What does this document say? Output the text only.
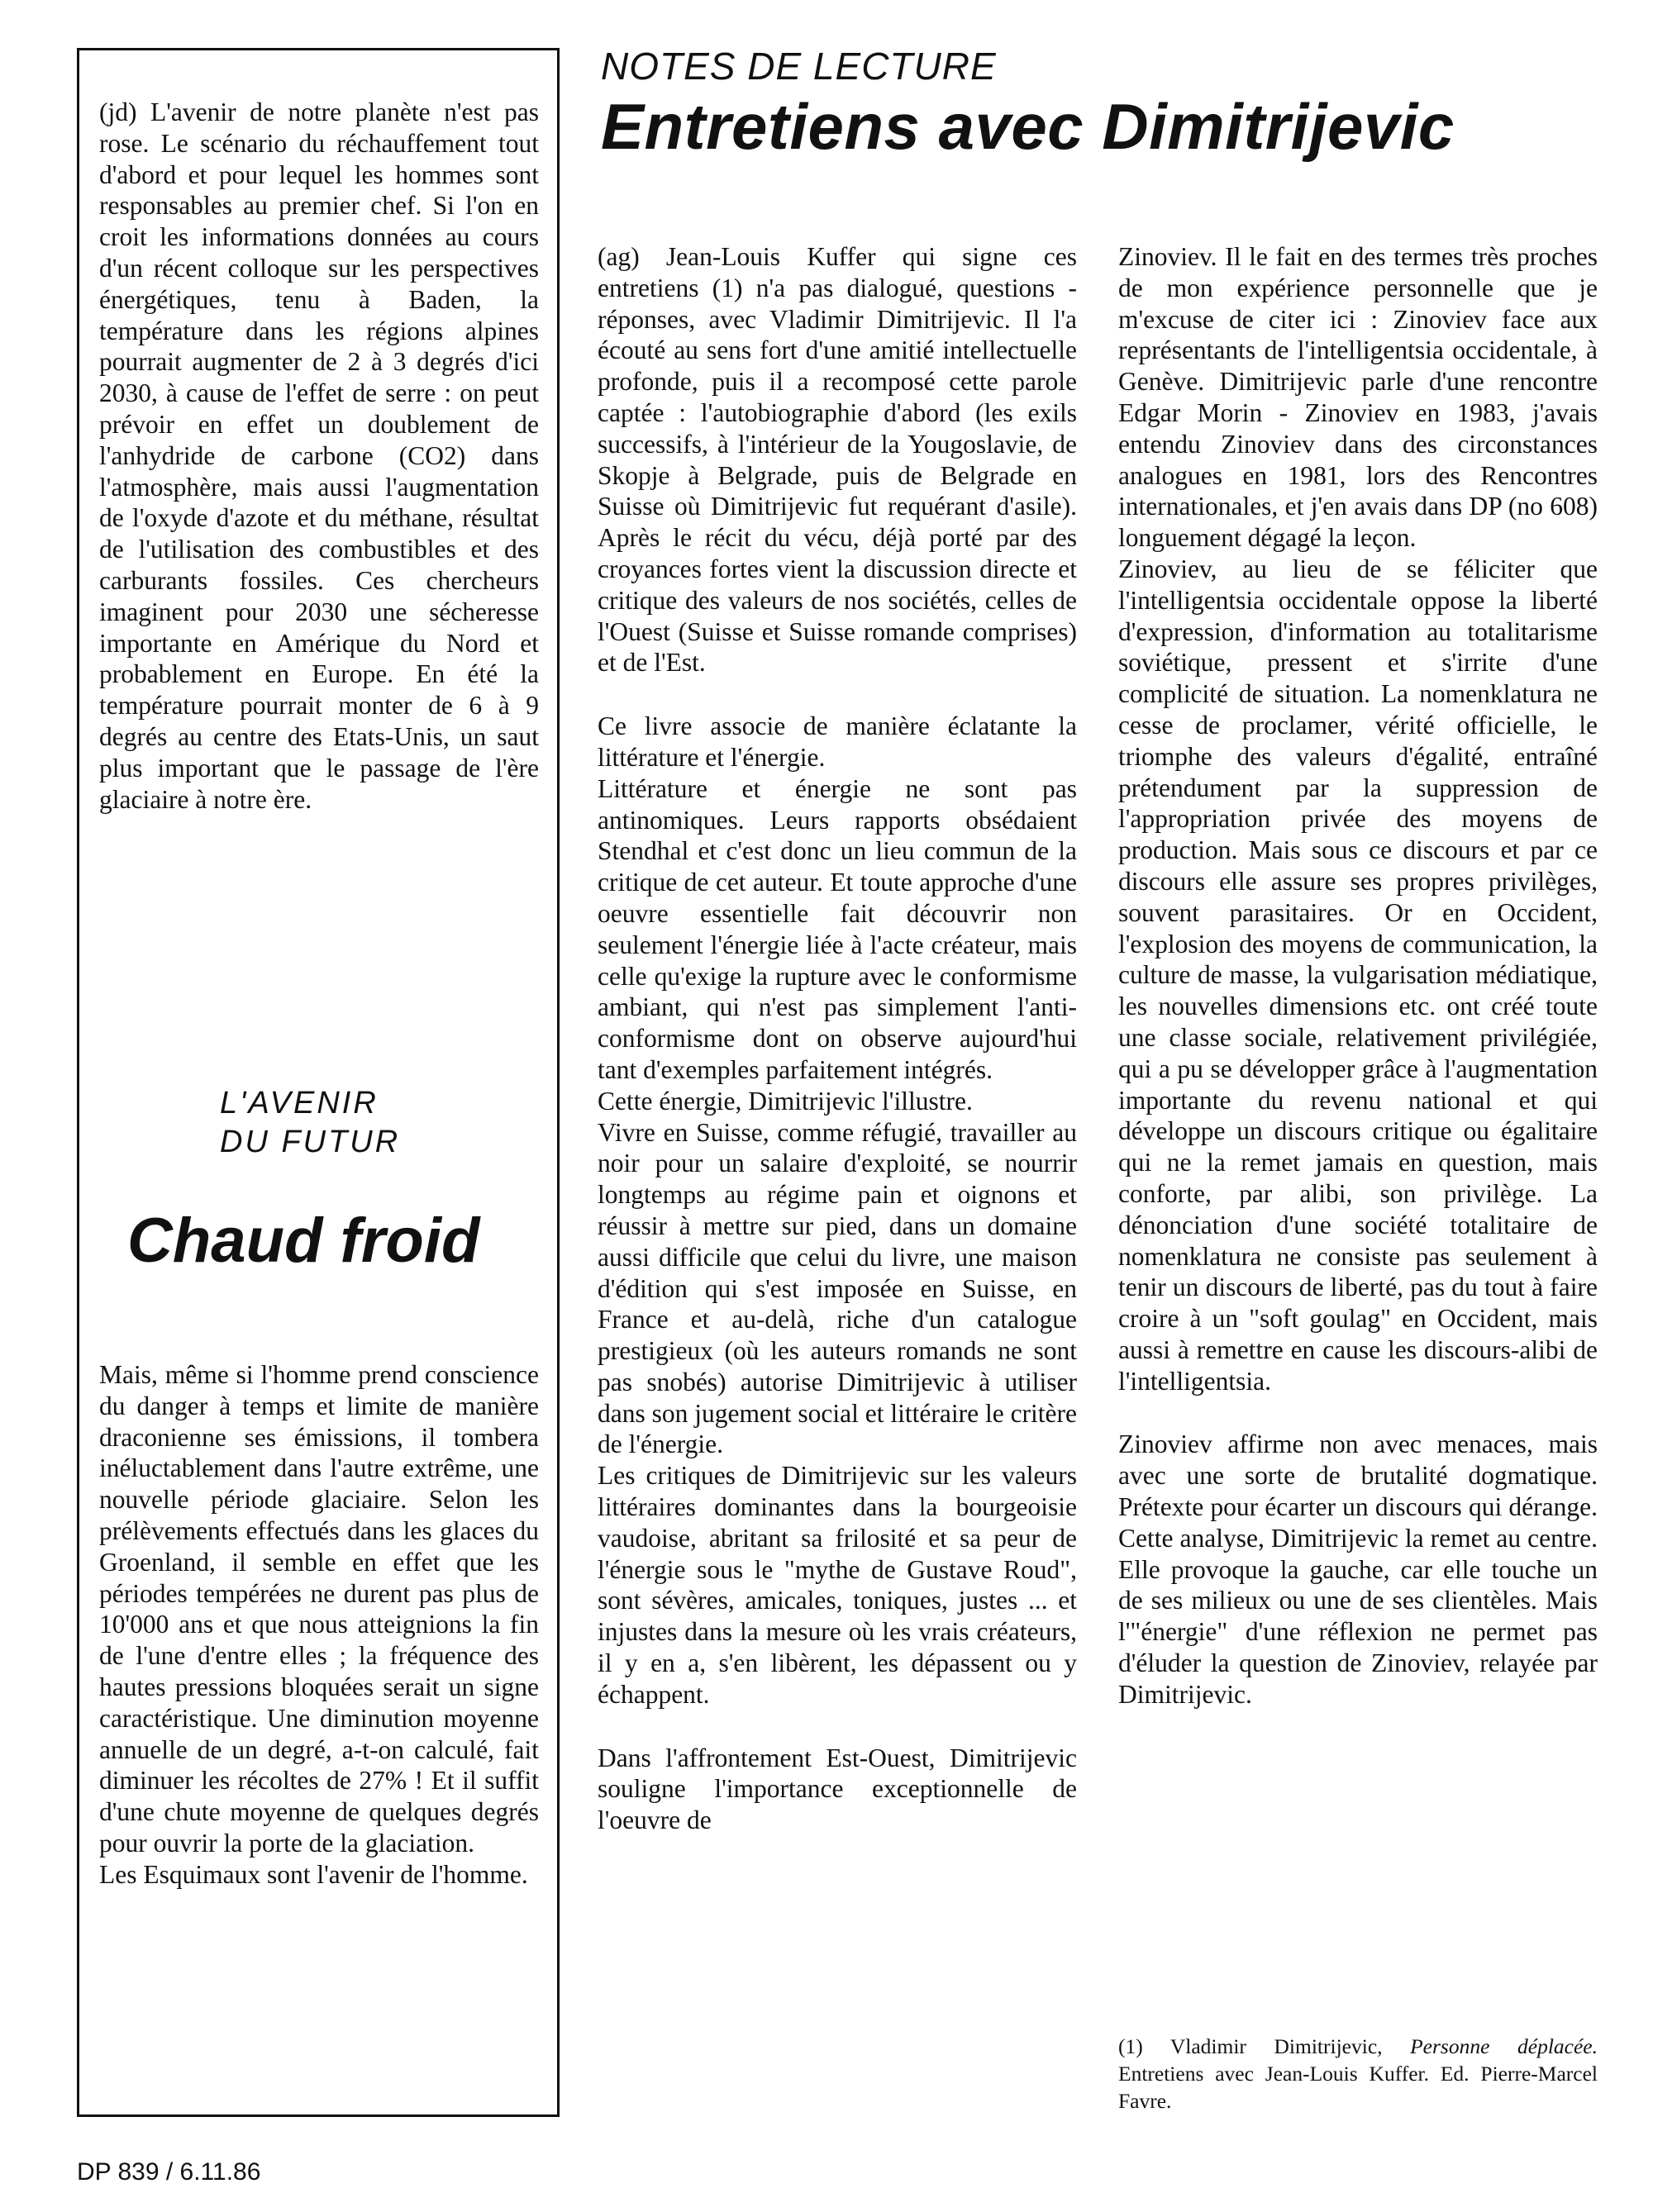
(jd) L'avenir de notre planète n'est pas rose. Le scénario du réchauffement tout d'abord et pour lequel les hommes sont responsables au premier chef. Si l'on en croit les informations données au cours d'un récent colloque sur les perspectives énergétiques, tenu à Baden, la température dans les régions alpines pourrait augmenter de 2 à 3 degrés d'ici 2030, à cause de l'effet de serre : on peut prévoir en effet un doublement de l'anhydride de carbone (CO2) dans l'atmosphère, mais aussi l'augmentation de l'oxyde d'azote et du méthane, résultat de l'utilisation des combustibles et des carburants fossiles. Ces chercheurs imaginent pour 2030 une sécheresse importante en Amérique du Nord et probablement en Europe. En été la température pourrait monter de 6 à 9 degrés au centre des Etats-Unis, un saut plus important que le passage de l'ère glaciaire à notre ère.
L'AVENIR
DU FUTUR
Chaud froid
Mais, même si l'homme prend conscience du danger à temps et limite de manière draconienne ses émissions, il tombera inéluctablement dans l'autre extrême, une nouvelle période glaciaire. Selon les prélèvements effectués dans les glaces du Groenland, il semble en effet que les périodes tempérées ne durent pas plus de 10'000 ans et que nous atteignions la fin de l'une d'entre elles ; la fréquence des hautes pressions bloquées serait un signe caractéristique. Une diminution moyenne annuelle de un degré, a-t-on calculé, fait diminuer les récoltes de 27% ! Et il suffit d'une chute moyenne de quelques degrés pour ouvrir la porte de la glaciation.
Les Esquimaux sont l'avenir de l'homme.
NOTES DE LECTURE
Entretiens avec Dimitrijevic

(ag) Jean-Louis Kuffer qui signe ces entretiens (1) n'a pas dialogué, questions - réponses, avec Vladimir Dimitrijevic. Il l'a écouté au sens fort d'une amitié intellectuelle profonde, puis il a recomposé cette parole captée : l'autobiographie d'abord (les exils successifs, à l'intérieur de la Yougoslavie, de Skopje à Belgrade, puis de Belgrade en Suisse où Dimitrijevic fut requérant d'asile). Après le récit du vécu, déjà porté par des croyances fortes vient la discussion directe et critique des valeurs de nos sociétés, celles de l'Ouest (Suisse et Suisse romande comprises) et de l'Est.

Ce livre associe de manière éclatante la littérature et l'énergie.

Littérature et énergie ne sont pas antinomiques. Leurs rapports obsédaient Stendhal et c'est donc un lieu commun de la critique de cet auteur. Et toute approche d'une oeuvre essentielle fait découvrir non seulement l'énergie liée à l'acte créateur, mais celle qu'exige la rupture avec le conformisme ambiant, qui n'est pas simplement l'anti-conformisme dont on observe aujourd'hui tant d'exemples parfaitement intégrés.

Cette énergie, Dimitrijevic l'illustre.

Vivre en Suisse, comme réfugié, travailler au noir pour un salaire d'exploité, se nourrir longtemps au régime pain et oignons et réussir à mettre sur pied, dans un domaine aussi difficile que celui du livre, une maison d'édition qui s'est imposée en Suisse, en France et au-delà, riche d'un catalogue prestigieux (où les auteurs romands ne sont pas snobés) autorise Dimitrijevic à utiliser dans son jugement social et littéraire le critère de l'énergie.

Les critiques de Dimitrijevic sur les valeurs littéraires dominantes dans la bourgeoisie vaudoise, abritant sa frilosité et sa peur de l'énergie sous le "mythe de Gustave Roud", sont sévères, amicales, toniques, justes ... et injustes dans la mesure où les vrais créateurs, il y en a, s'en libèrent, les dépassent ou y échappent.

Dans l'affrontement Est-Ouest, Dimitrijevic souligne l'importance exceptionnelle de l'oeuvre de

Zinoviev. Il le fait en des termes très proches de mon expérience personnelle que je m'excuse de citer ici : Zinoviev face aux représentants de l'intelligentsia occidentale, à Genève. Dimitrijevic parle d'une rencontre Edgar Morin - Zinoviev en 1983, j'avais entendu Zinoviev dans des circonstances analogues en 1981, lors des Rencontres internationales, et j'en avais dans DP (no 608) longuement dégagé la leçon.

Zinoviev, au lieu de se féliciter que l'intelligentsia occidentale oppose la liberté d'expression, d'information au totalitarisme soviétique, pressent et s'irrite d'une complicité de situation. La nomenklatura ne cesse de proclamer, vérité officielle, le triomphe des valeurs d'égalité, entraîné prétendument par la suppression de l'appropriation privée des moyens de production. Mais sous ce discours et par ce discours elle assure ses propres privilèges, souvent parasitaires. Or en Occident, l'explosion des moyens de communication, la culture de masse, la vulgarisation médiatique, les nouvelles dimensions etc. ont créé toute une classe sociale, relativement privilégiée, qui a pu se développer grâce à l'augmentation importante du revenu national et qui développe un discours critique ou égalitaire qui ne la remet jamais en question, mais conforte, par alibi, son privilège. La dénonciation d'une société totalitaire de nomenklatura ne consiste pas seulement à tenir un discours de liberté, pas du tout à faire croire à un "soft goulag" en Occident, mais aussi à remettre en cause les discours-alibi de l'intelligentsia.

Zinoviev affirme non avec menaces, mais avec une sorte de brutalité dogmatique. Prétexte pour écarter un discours qui dérange. Cette analyse, Dimitrijevic la remet au centre. Elle provoque la gauche, car elle touche un de ses milieux ou une de ses clientèles. Mais l'"énergie" d'une réflexion ne permet pas d'éluder la question de Zinoviev, relayée par Dimitrijevic.

(1) Vladimir Dimitrijevic, Personne déplacée. Entretiens avec Jean-Louis Kuffer. Ed. Pierre-Marcel Favre.
DP 839 / 6.11.86
